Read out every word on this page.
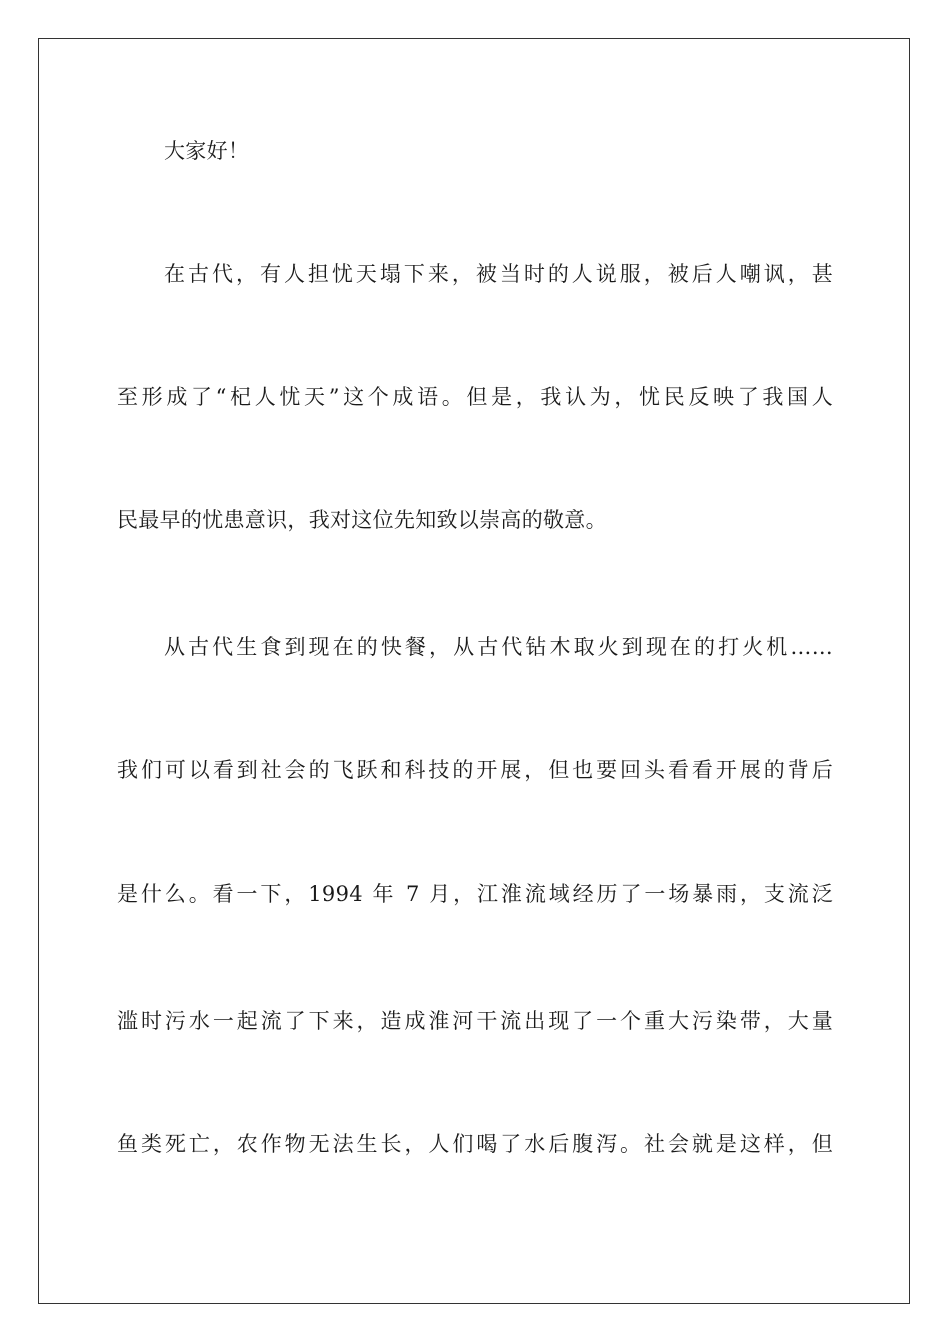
大家好！
在古代，有人担忧天塌下来，被当时的人说服，被后人嘲讽，甚
至形成了“杞人忧天”这个成语。但是，我认为，忧民反映了我国人
民最早的忧患意识，我对这位先知致以崇高的敬意。
从古代生食到现在的快餐，从古代钻木取火到现在的打火机……
我们可以看到社会的飞跃和科技的开展，但也要回头看看开展的背后
是什么。看一下，1994 年 7 月，江淮流域经历了一场暴雨，支流泛
滥时污水一起流了下来，造成淮河干流出现了一个重大污染带，大量
鱼类死亡，农作物无法生长，人们喝了水后腹泻。社会就是这样，但
